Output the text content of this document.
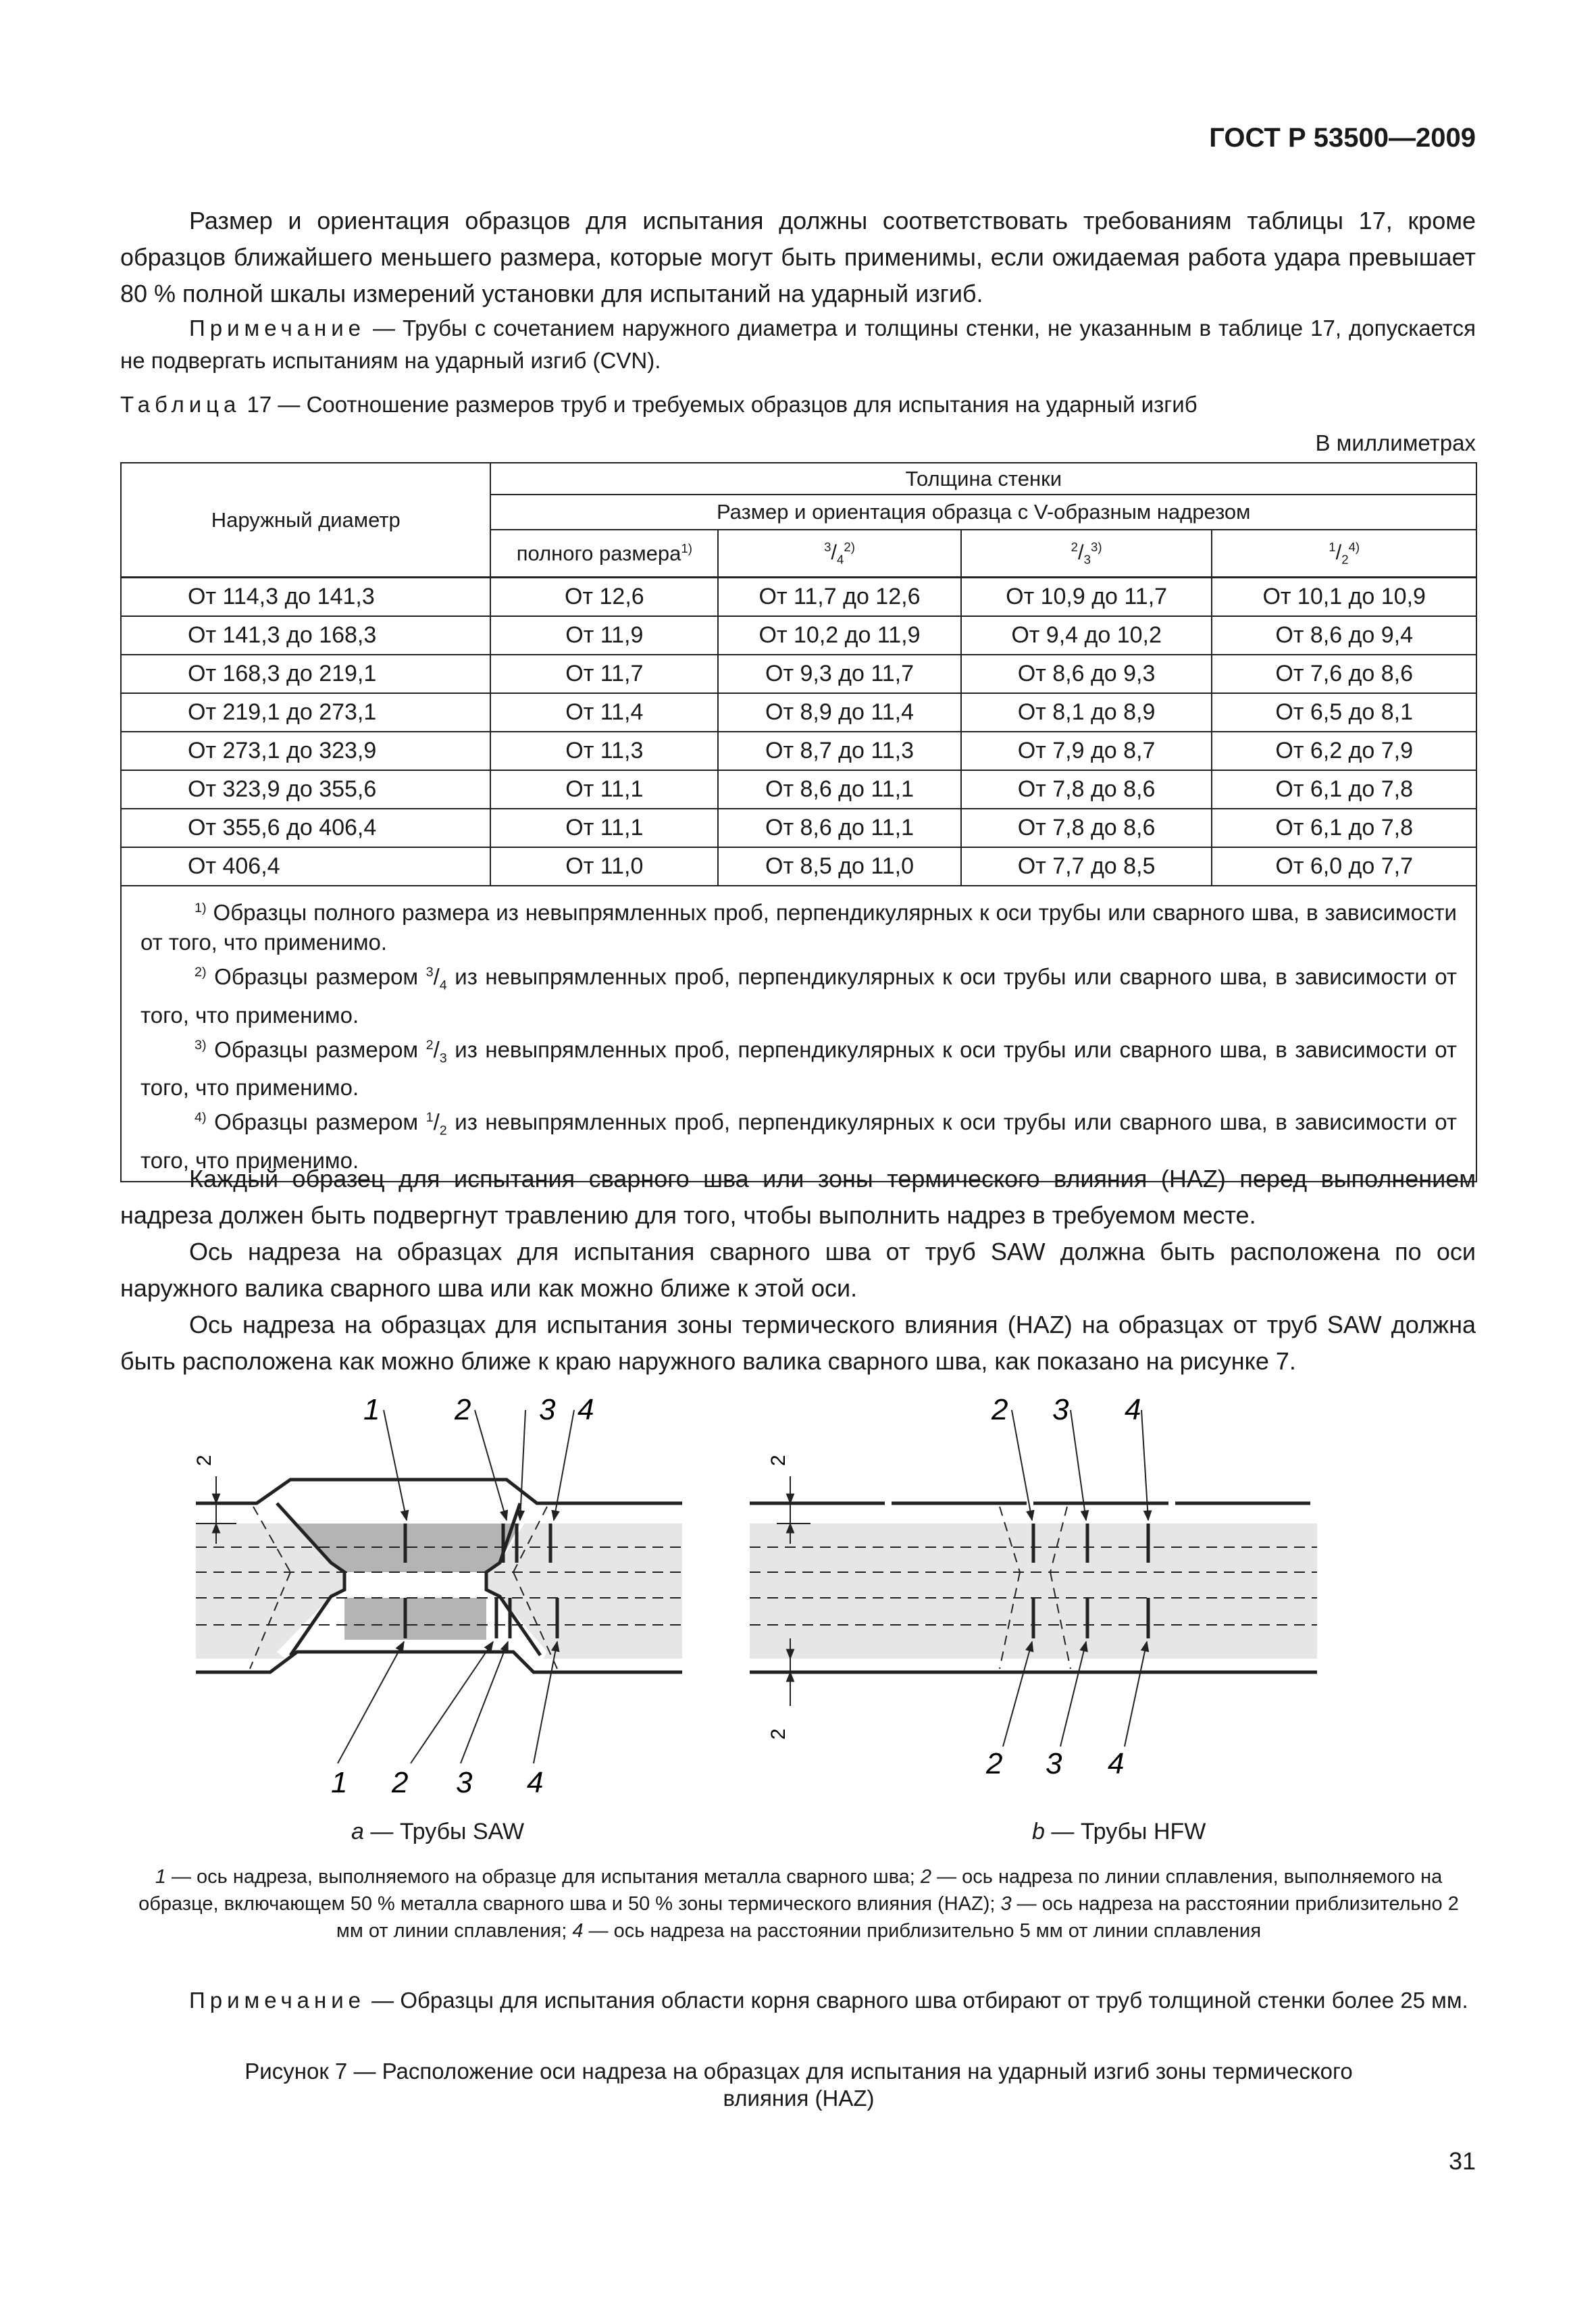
ГОСТ Р 53500—2009

Размер и ориентация образцов для испытания должны соответствовать требованиям таблицы 17, кроме образцов ближайшего меньшего размера, которые могут быть применимы, если ожидаемая работа удара превышает 80 % полной шкалы измерений установки для испытаний на ударный изгиб.

Примечание — Трубы с сочетанием наружного диаметра и толщины стенки, не указанным в таблице 17, допускается не подвергать испытаниям на ударный изгиб (CVN).

Таблица 17 — Соотношение размеров труб и требуемых образцов для испытания на ударный изгиб
В миллиметрах
Наружный диаметр	Толщина стенки			
	Размер и ориентация образца с V-образным надрезом			
	полного размера$^{1)}$	$^3/_4^{2)}$	$^2/_3^{3)}$	$^1/_2^{4)}$
От 114,3 до 141,3	От 12,6	От 11,7 до 12,6	От 10,9 до 11,7	От 10,1 до 10,9
От 141,3 до 168,3	От 11,9	От 10,2 до 11,9	От 9,4 до 10,2	От 8,6 до 9,4
От 168,3 до 219,1	От 11,7	От 9,3 до 11,7	От 8,6 до 9,3	От 7,6 до 8,6
От 219,1 до 273,1	От 11,4	От 8,9 до 11,4	От 8,1 до 8,9	От 6,5 до 8,1
От 273,1 до 323,9	От 11,3	От 8,7 до 11,3	От 7,9 до 8,7	От 6,2 до 7,9
От 323,9 до 355,6	От 11,1	От 8,6 до 11,1	От 7,8 до 8,6	От 6,1 до 7,8
От 355,6 до 406,4	От 11,1	От 8,6 до 11,1	От 7,8 до 8,6	От 6,1 до 7,8
От 406,4	От 11,0	От 8,5 до 11,0	От 7,7 до 8,5	От 6,0 до 7,7

$^{1)}$ Образцы полного размера из невыпрямленных проб, перпендикулярных к оси трубы или сварного шва, в зависимости от того, что применимо.

$^{2)}$ Образцы размером $^3/_4$ из невыпрямленных проб, перпендикулярных к оси трубы или сварного шва, в зависимости от того, что применимо.

$^{3)}$ Образцы размером $^2/_3$ из невыпрямленных проб, перпендикулярных к оси трубы или сварного шва, в зависимости от того, что применимо.

$^{4)}$ Образцы размером $^1/_2$ из невыпрямленных проб, перпендикулярных к оси трубы или сварного шва, в зависимости от того, что применимо.				

Каждый образец для испытания сварного шва или зоны термического влияния (HAZ) перед выполнением надреза должен быть подвергнут травлению для того, чтобы выполнить надрез в требуемом месте.

Ось надреза на образцах для испытания сварного шва от труб SAW должна быть расположена по оси наружного валика сварного шва или как можно ближе к этой оси.

Ось надреза на образцах для испытания зоны термического влияния (HAZ) на образцах от труб SAW должна быть расположена как можно ближе к краю наружного валика сварного шва, как показано на рисунке 7.

2
1	2 3 4
1 2 3 4
2
2
2 3 4
2 3 4
a — Трубы SAW	b — Трубы HFW

1 — ось надреза, выполняемого на образце для испытания металла сварного шва; 2 — ось надреза по линии сплавления, выполняемого на образце, включающем 50 % металла сварного шва и 50 % зоны термического влияния (HAZ); 3 — ось надреза на расстоянии приблизительно 2 мм от линии сплавления; 4 — ось надреза на расстоянии приблизительно 5 мм от линии сплавления

Примечание — Образцы для испытания области корня сварного шва отбирают от труб толщиной стенки более 25 мм.

Рисунок 7 — Расположение оси надреза на образцах для испытания на ударный изгиб зоны термического влияния (HAZ)
31
